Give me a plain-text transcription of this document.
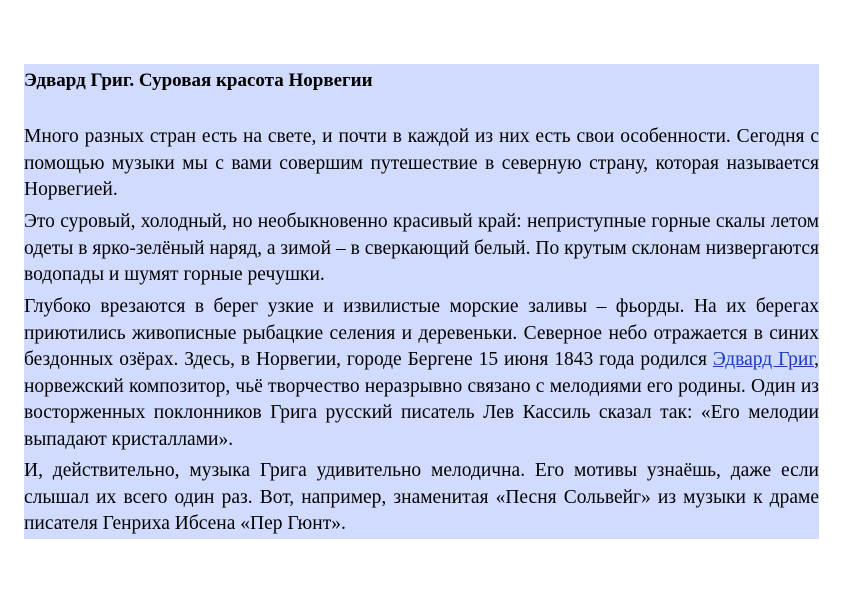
Эдвард Григ. Суровая красота Норвегии

Много разных стран есть на свете, и почти в каждой из них есть свои особенности. Сегодня с помощью музыки мы с вами совершим путешествие в северную страну, которая называется Норвегией.

Это суровый, холодный, но необыкновенно красивый край: неприступные горные скалы летом одеты в ярко-зелёный наряд, а зимой – в сверкающий белый. По крутым склонам низвергаются водопады и шумят горные речушки.

Глубоко врезаются в берег узкие и извилистые морские заливы – фьорды. На их берегах приютились живописные рыбацкие селения и деревеньки. Северное небо отражается в синих бездонных озёрах. Здесь, в Норвегии, городе Бергене 15 июня 1843 года родился Эдвард Григ, норвежский композитор, чьё творчество неразрывно связано с мелодиями его родины. Один из восторженных поклонников Грига русский писатель Лев Кассиль сказал так: «Его мелодии выпадают кристаллами».

И, действительно, музыка Грига удивительно мелодична. Его мотивы узнаёшь, даже если слышал их всего один раз. Вот, например, знаменитая «Песня Сольвейг» из музыки к драме писателя Генриха Ибсена «Пер Гюнт».
